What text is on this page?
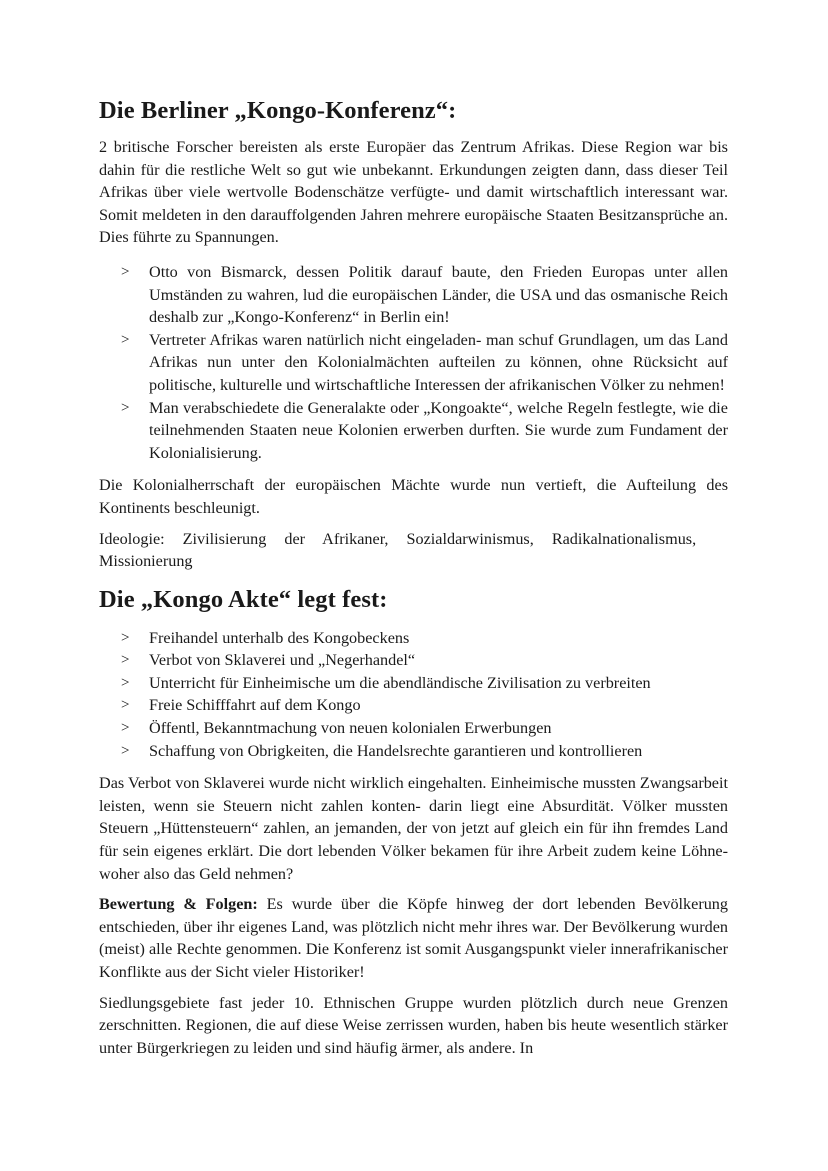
Die Berliner „Kongo-Konferenz“:

2 britische Forscher bereisten als erste Europäer das Zentrum Afrikas. Diese Region war bis dahin für die restliche Welt so gut wie unbekannt. Erkundungen zeigten dann, dass dieser Teil Afrikas über viele wertvolle Bodenschätze verfügte- und damit wirtschaftlich interessant war. Somit meldeten in den darauffolgenden Jahren mehrere europäische Staaten Besitzansprüche an. Dies führte zu Spannungen.

> Otto von Bismarck, dessen Politik darauf baute, den Frieden Europas unter allen Umständen zu wahren, lud die europäischen Länder, die USA und das osmanische Reich deshalb zur „Kongo-Konferenz“ in Berlin ein!
> Vertreter Afrikas waren natürlich nicht eingeladen- man schuf Grundlagen, um das Land Afrikas nun unter den Kolonialmächten aufteilen zu können, ohne Rücksicht auf politische, kulturelle und wirtschaftliche Interessen der afrikanischen Völker zu nehmen!
> Man verabschiedete die Generalakte oder „Kongoakte“, welche Regeln festlegte, wie die teilnehmenden Staaten neue Kolonien erwerben durften. Sie wurde zum Fundament der Kolonialisierung.

Die Kolonialherrschaft der europäischen Mächte wurde nun vertieft, die Aufteilung des Kontinents beschleunigt.

Ideologie: Zivilisierung der Afrikaner, Sozialdarwinismus, Radikalnationalismus,
Missionierung

Die „Kongo Akte“ legt fest:
> Freihandel unterhalb des Kongobeckens
> Verbot von Sklaverei und „Negerhandel“
> Unterricht für Einheimische um die abendländische Zivilisation zu verbreiten
> Freie Schifffahrt auf dem Kongo
> Öffentl, Bekanntmachung von neuen kolonialen Erwerbungen
> Schaffung von Obrigkeiten, die Handelsrechte garantieren und kontrollieren

Das Verbot von Sklaverei wurde nicht wirklich eingehalten. Einheimische mussten Zwangsarbeit leisten, wenn sie Steuern nicht zahlen konten- darin liegt eine Absurdität. Völker mussten Steuern „Hüttensteuern“ zahlen, an jemanden, der von jetzt auf gleich ein für ihn fremdes Land für sein eigenes erklärt. Die dort lebenden Völker bekamen für ihre Arbeit zudem keine Löhne- woher also das Geld nehmen?

Bewertung & Folgen: Es wurde über die Köpfe hinweg der dort lebenden Bevölkerung entschieden, über ihr eigenes Land, was plötzlich nicht mehr ihres war. Der Bevölkerung wurden (meist) alle Rechte genommen. Die Konferenz ist somit Ausgangspunkt vieler innerafrikanischer Konflikte aus der Sicht vieler Historiker!

Siedlungsgebiete fast jeder 10. Ethnischen Gruppe wurden plötzlich durch neue Grenzen zerschnitten. Regionen, die auf diese Weise zerrissen wurden, haben bis heute wesentlich stärker unter Bürgerkriegen zu leiden und sind häufig ärmer, als andere. In
